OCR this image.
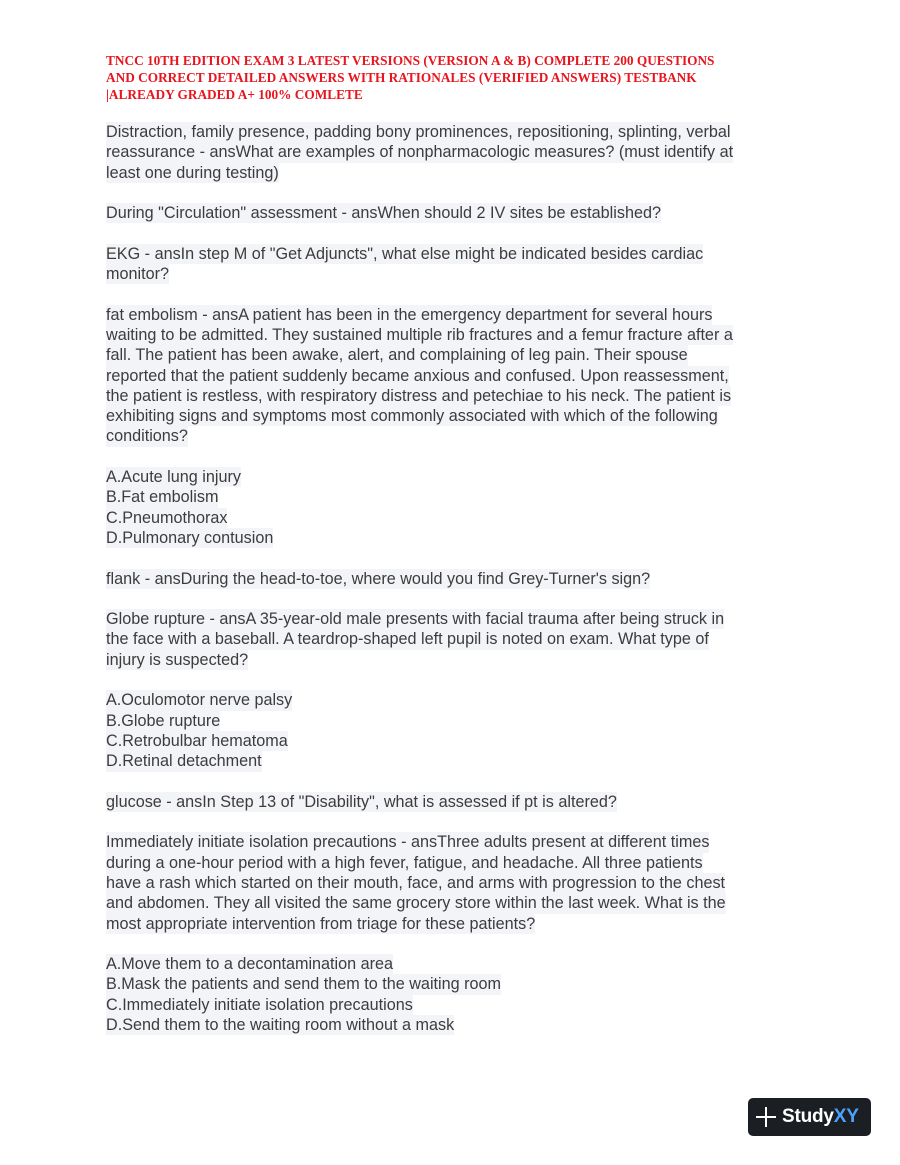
TNCC 10TH EDITION EXAM 3 LATEST VERSIONS (VERSION A & B) COMPLETE 200 QUESTIONS
AND CORRECT DETAILED ANSWERS WITH RATIONALES (VERIFIED ANSWERS) TESTBANK
|ALREADY GRADED A+ 100% COMLETE

Distraction, family presence, padding bony prominences, repositioning, splinting, verbal
reassurance - ansWhat are examples of nonpharmacologic measures? (must identify at
least one during testing)

During "Circulation" assessment - ansWhen should 2 IV sites be established?

EKG - ansIn step M of "Get Adjuncts", what else might be indicated besides cardiac
monitor?

fat embolism - ansA patient has been in the emergency department for several hours
waiting to be admitted. They sustained multiple rib fractures and a femur fracture after a
fall. The patient has been awake, alert, and complaining of leg pain. Their spouse
reported that the patient suddenly became anxious and confused. Upon reassessment,
the patient is restless, with respiratory distress and petechiae to his neck. The patient is
exhibiting signs and symptoms most commonly associated with which of the following
conditions?

A.Acute lung injury
B.Fat embolism
C.Pneumothorax
D.Pulmonary contusion

flank - ansDuring the head-to-toe, where would you find Grey-Turner's sign?

Globe rupture - ansA 35-year-old male presents with facial trauma after being struck in
the face with a baseball. A teardrop-shaped left pupil is noted on exam. What type of
injury is suspected?

A.Oculomotor nerve palsy
B.Globe rupture
C.Retrobulbar hematoma
D.Retinal detachment

glucose - ansIn Step 13 of "Disability", what is assessed if pt is altered?

Immediately initiate isolation precautions - ansThree adults present at different times
during a one-hour period with a high fever, fatigue, and headache. All three patients
have a rash which started on their mouth, face, and arms with progression to the chest
and abdomen. They all visited the same grocery store within the last week. What is the
most appropriate intervention from triage for these patients?

A.Move them to a decontamination area
B.Mask the patients and send them to the waiting room
C.Immediately initiate isolation precautions
D.Send them to the waiting room without a mask

StudyXY
